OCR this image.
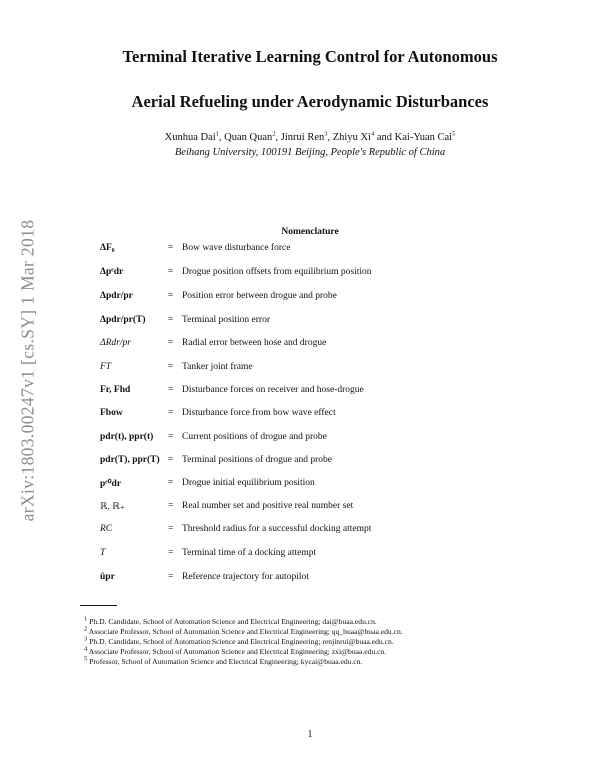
arXiv:1803.00247v1 [cs.SY] 1 Mar 2018
Terminal Iterative Learning Control for Autonomous
Aerial Refueling under Aerodynamic Disturbances
Xunhua Dai$^1$, Quan Quan$^2$, Jinrui Ren$^3$, Zhiyu Xi$^4$ and Kai-Yuan Cai$^5$
Beihang University, 100191 Beijing, People's Republic of China
Nomenclature
ΔF₀	= Bow wave disturbance force
Δpᵉdr	= Drogue position offsets from equilibrium position
Δpdr/pr	= Position error between drogue and probe
Δpdr/pr(T)	= Terminal position error
ΔRdr/pr	= Radial error between hose and drogue
FT	= Tanker joint frame
Fr, Fhd	= Disturbance forces on receiver and hose-drogue
Fbow	= Disturbance force from bow wave effect
pdr(t), ppr(t)	= Current positions of drogue and probe
pdr(T), ppr(T) = Terminal positions of drogue and probe
pᵉ⁰dr	= Drogue initial equilibrium position
ℝ, ℝ₊	= Real number set and positive real number set
RC	= Threshold radius for a successful docking attempt
T	= Terminal time of a docking attempt
ûpr	= Reference trajectory for autopilot
$^1$ Ph.D. Candidate, School of Automation Science and Electrical Engineering; dai@buaa.edu.cn.
$^2$ Associate Professor, School of Automation Science and Electrical Engineering; qq_buaa@buaa.edu.cn.
$^3$ Ph.D. Candidate, School of Automation Science and Electrical Engineering; renjinrui@buaa.edu.cn.
$^4$ Associate Professor, School of Automation Science and Electrical Engineering; zxi@buaa.edu.cn.
$^5$ Professor, School of Automation Science and Electrical Engineering; kycai@buaa.edu.cn.
1
